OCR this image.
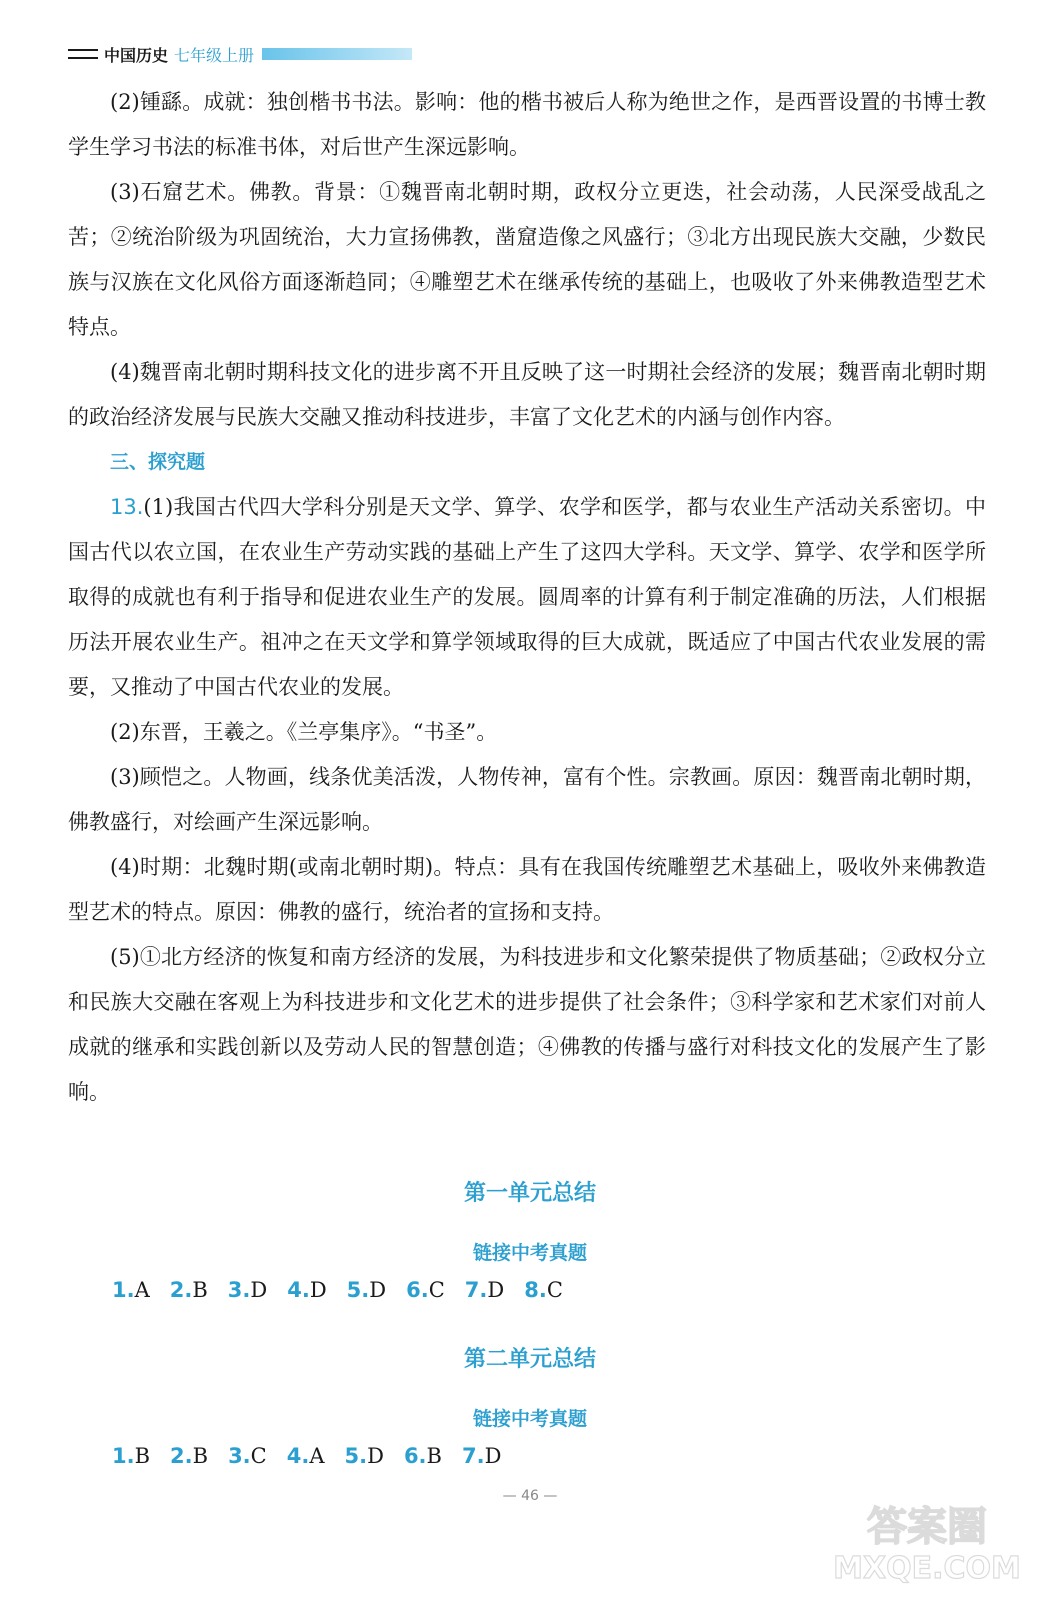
中国历史 七年级上册

(2)锺繇。成就：独创楷书书法。影响：他的楷书被后人称为绝世之作，是西晋设置的书博士教学生学习书法的标准书体，对后世产生深远影响。

(3)石窟艺术。佛教。背景：①魏晋南北朝时期，政权分立更迭，社会动荡，人民深受战乱之苦；②统治阶级为巩固统治，大力宣扬佛教，凿窟造像之风盛行；③北方出现民族大交融，少数民族与汉族在文化风俗方面逐渐趋同；④雕塑艺术在继承传统的基础上，也吸收了外来佛教造型艺术特点。

(4)魏晋南北朝时期科技文化的进步离不开且反映了这一时期社会经济的发展；魏晋南北朝时期的政治经济发展与民族大交融又推动科技进步，丰富了文化艺术的内涵与创作内容。

三、探究题

13.(1)我国古代四大学科分别是天文学、算学、农学和医学，都与农业生产活动关系密切。中国古代以农立国，在农业生产劳动实践的基础上产生了这四大学科。天文学、算学、农学和医学所取得的成就也有利于指导和促进农业生产的发展。圆周率的计算有利于制定准确的历法，人们根据历法开展农业生产。祖冲之在天文学和算学领域取得的巨大成就，既适应了中国古代农业发展的需要，又推动了中国古代农业的发展。

(2)东晋，王羲之。《兰亭集序》。“书圣”。

(3)顾恺之。人物画，线条优美活泼，人物传神，富有个性。宗教画。原因：魏晋南北朝时期，佛教盛行，对绘画产生深远影响。

(4)时期：北魏时期(或南北朝时期)。特点：具有在我国传统雕塑艺术基础上，吸收外来佛教造型艺术的特点。原因：佛教的盛行，统治者的宣扬和支持。

(5)①北方经济的恢复和南方经济的发展，为科技进步和文化繁荣提供了物质基础；②政权分立和民族大交融在客观上为科技进步和文化艺术的进步提供了社会条件；③科学家和艺术家们对前人成就的继承和实践创新以及劳动人民的智慧创造；④佛教的传播与盛行对科技文化的发展产生了影响。

第一单元总结
链接中考真题
1.A 2.B 3.D 4.D 5.D 6.C 7.D 8.C
第二单元总结
链接中考真题
1.B 2.B 3.C 4.A 5.D 6.B 7.D
— 46 —
答案圈
MXQE.COM
